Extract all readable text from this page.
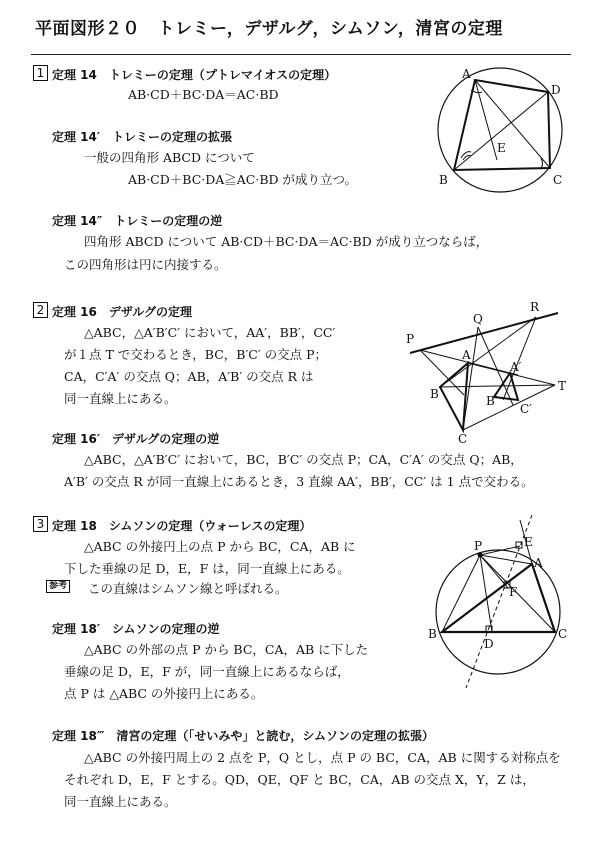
平面図形２０　トレミー，デザルグ，シムソン，清宮の定理
1 定理 14　トレミーの定理（プトレマイオスの定理）
AB·CD＋BC·DA＝AC·BD
定理 14′　トレミーの定理の拡張
一般の四角形 ABCD について
AB·CD＋BC·DA≧AC·BD が成り立つ。
定理 14″　トレミーの定理の逆
四角形 ABCD について AB·CD＋BC·DA＝AC·BD が成り立つならば，
この四角形は円に内接する。
A
D
E
B	C
2 定理 16　デザルグの定理
△ABC，△A′B′C′ において，AA′，BB′，CC′
が１点 T で交わるとき，BC，B′C′ の交点 P；
CA，C′A′ の交点 Q；AB，A′B′ の交点 R は
同一直線上にある。
定理 16′　デザルグの定理の逆
△ABC，△A′B′C′ において，BC，B′C′ の交点 P；CA，C′A′ の交点 Q；AB，
A′B′ の交点 R が同一直線上にあるとき，3 直線 AA′，BB′，CC′ は 1 点で交わる。
P
Q
R
A
A′
T
B	B′
C′
C
3 定理 18　シムソンの定理（ウォーレスの定理）
△ABC の外接円上の点 P から BC，CA，AB に
下した垂線の足 D，E，F は，同一直線上にある。
参考 この直線はシムソン線と呼ばれる。
定理 18′　シムソンの定理の逆
△ABC の外部の点 P から BC，CA，AB に下した
垂線の足 D，E，F が，同一直線上にあるならば，
点 P は △ABC の外接円上にある。
定理 18‴　清宮の定理（「せいみや」と読む，シムソンの定理の拡張）
△ABC の外接円周上の 2 点を P，Q とし，点 P の BC，CA，AB に関する対称点を
それぞれ D，E，F とする。QD，QE，QF と BC，CA，AB の交点 X，Y，Z は，
同一直線上にある。
P	E
A
F
B
D
C
